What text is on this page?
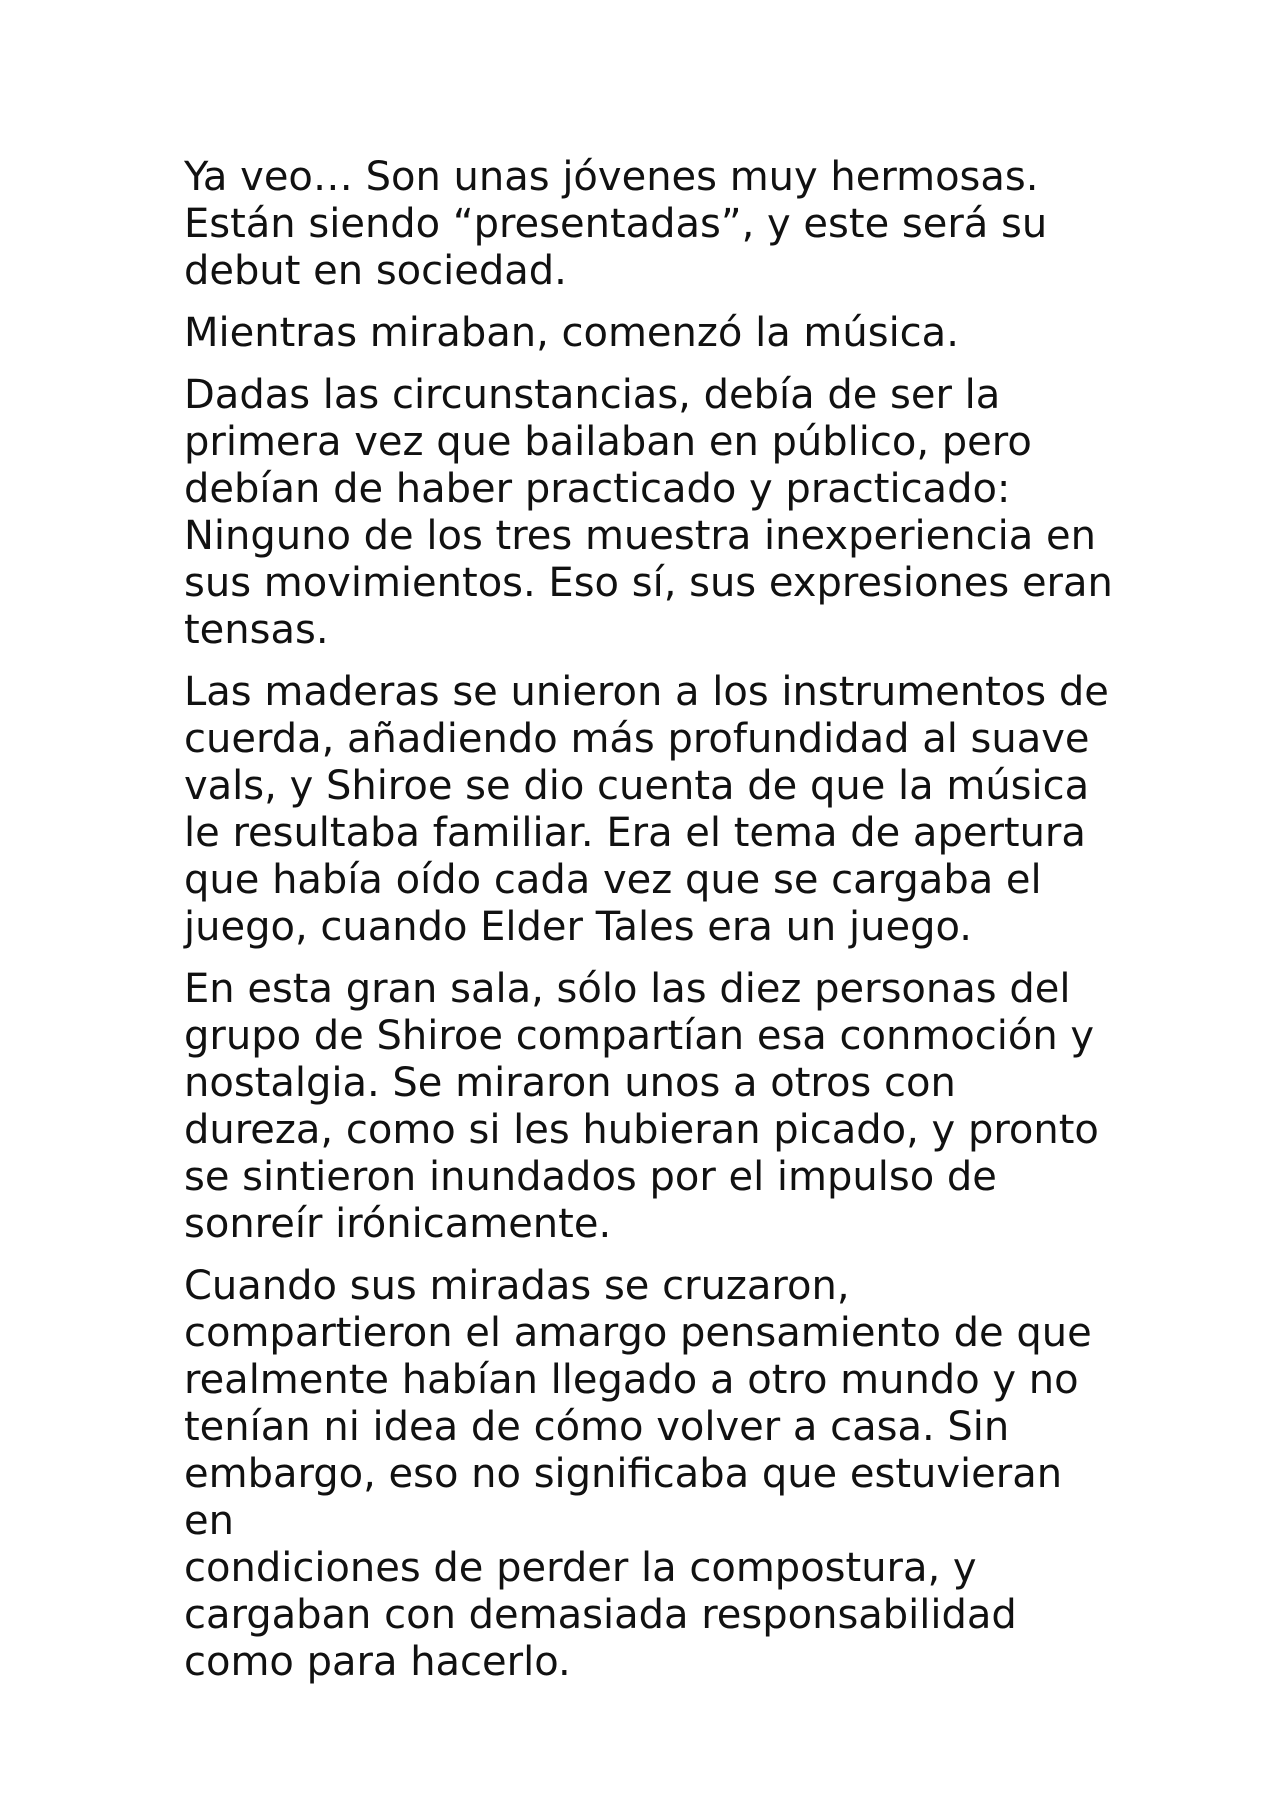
Ya veo… Son unas jóvenes muy hermosas.
Están siendo “presentadas”, y este será su
debut en sociedad.

Mientras miraban, comenzó la música.

Dadas las circunstancias, debía de ser la
primera vez que bailaban en público, pero
debían de haber practicado y practicado:
Ninguno de los tres muestra inexperiencia en
sus movimientos. Eso sí, sus expresiones eran
tensas.

Las maderas se unieron a los instrumentos de
cuerda, añadiendo más profundidad al suave
vals, y Shiroe se dio cuenta de que la música
le resultaba familiar. Era el tema de apertura
que había oído cada vez que se cargaba el
juego, cuando Elder Tales era un juego.

En esta gran sala, sólo las diez personas del
grupo de Shiroe compartían esa conmoción y
nostalgia. Se miraron unos a otros con
dureza, como si les hubieran picado, y pronto
se sintieron inundados por el impulso de
sonreír irónicamente.

Cuando sus miradas se cruzaron,
compartieron el amargo pensamiento de que
realmente habían llegado a otro mundo y no
tenían ni idea de cómo volver a casa. Sin
embargo, eso no significaba que estuvieran en
condiciones de perder la compostura, y
cargaban con demasiada responsabilidad
como para hacerlo.
